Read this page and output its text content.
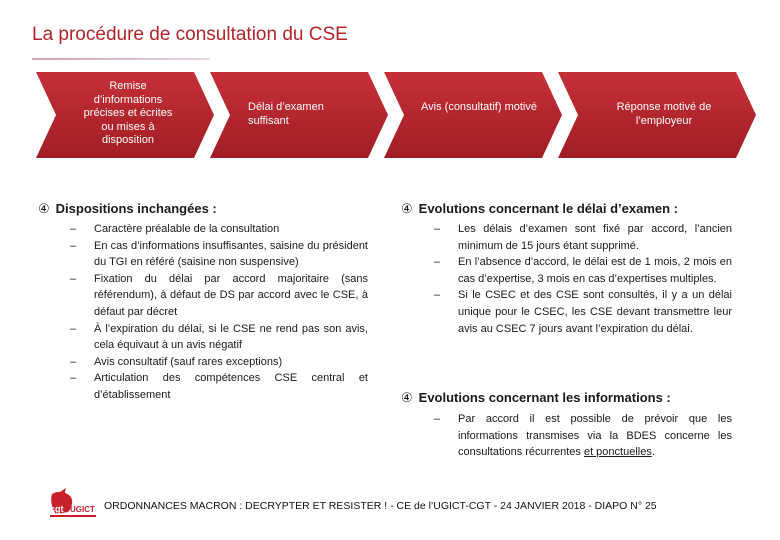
La procédure de consultation du CSE
Remise d’informations précises et écrites ou mises à disposition
Délai d’examen suffisant
Avis (consultatif) motivé	Réponse motivé de l’employeur
④ Dispositions inchangées :
– Caractère préalable de la consultation
– En cas d’informations insuffisantes, saisine du président du TGI en référé (saisine non suspensive)
– Fixation du délai par accord majoritaire (sans référendum), à défaut de DS par accord avec le CSE, à défaut par décret
– À l’expiration du délai, si le CSE ne rend pas son avis, cela équivaut à un avis négatif
– Avis consultatif (sauf rares exceptions)
– Articulation des compétences CSE central et d’établissement
④ Evolutions concernant le délai d’examen :
– Les délais d’examen sont fixé par accord, l’ancien minimum de 15 jours étant supprimé.
– En l’absence d’accord, le délai est de 1 mois, 2 mois en cas d’expertise, 3 mois en cas d’expertises multiples.
– Si le CSEC et des CSE sont consultés, il y a un délai unique pour le CSEC, les CSE devant transmettre leur avis au CSEC 7 jours avant l’expiration du délai.
④ Evolutions concernant les informations :
– Par accord il est possible de prévoir que les informations transmises via la BDES concerne les consultations récurrentes et ponctuelles.
cgt UGICT ORDONNANCES MACRON : DECRYPTER ET RESISTER ! - CE de l’UGICT-CGT - 24 JANVIER 2018 - DIAPO N° 25
